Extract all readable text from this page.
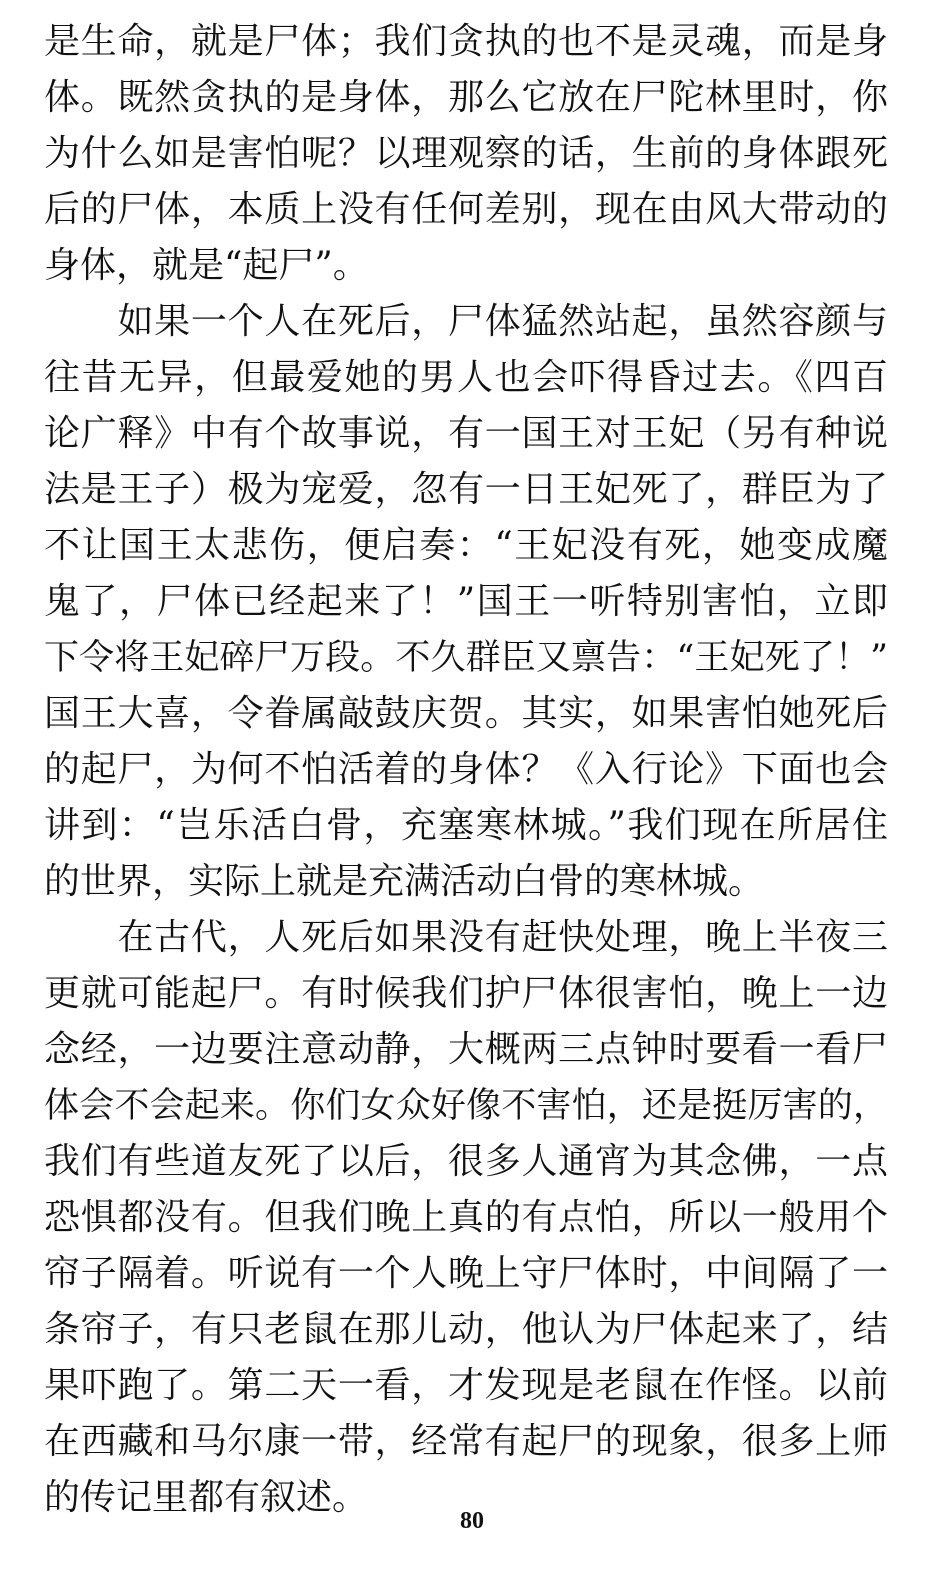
是生命，就是尸体；我们贪执的也不是灵魂，而是身
体。既然贪执的是身体，那么它放在尸陀林里时，你
为什么如是害怕呢？以理观察的话，生前的身体跟死
后的尸体，本质上没有任何差别，现在由风大带动的
身体，就是“起尸”。
　　如果一个人在死后，尸体猛然站起，虽然容颜与
往昔无异，但最爱她的男人也会吓得昏过去。《四百
论广释》中有个故事说，有一国王对王妃（另有种说
法是王子）极为宠爱，忽有一日王妃死了，群臣为了
不让国王太悲伤，便启奏：“王妃没有死，她变成魔
鬼了，尸体已经起来了！”国王一听特别害怕，立即
下令将王妃碎尸万段。不久群臣又禀告：“王妃死了！”
国王大喜，令眷属敲鼓庆贺。其实，如果害怕她死后
的起尸，为何不怕活着的身体？《入行论》下面也会
讲到：“岂乐活白骨，充塞寒林城。”我们现在所居住
的世界，实际上就是充满活动白骨的寒林城。
　　在古代，人死后如果没有赶快处理，晚上半夜三
更就可能起尸。有时候我们护尸体很害怕，晚上一边
念经，一边要注意动静，大概两三点钟时要看一看尸
体会不会起来。你们女众好像不害怕，还是挺厉害的，
我们有些道友死了以后，很多人通宵为其念佛，一点
恐惧都没有。但我们晚上真的有点怕，所以一般用个
帘子隔着。听说有一个人晚上守尸体时，中间隔了一
条帘子，有只老鼠在那儿动，他认为尸体起来了，结
果吓跑了。第二天一看，才发现是老鼠在作怪。以前
在西藏和马尔康一带，经常有起尸的现象，很多上师
的传记里都有叙述。
80
